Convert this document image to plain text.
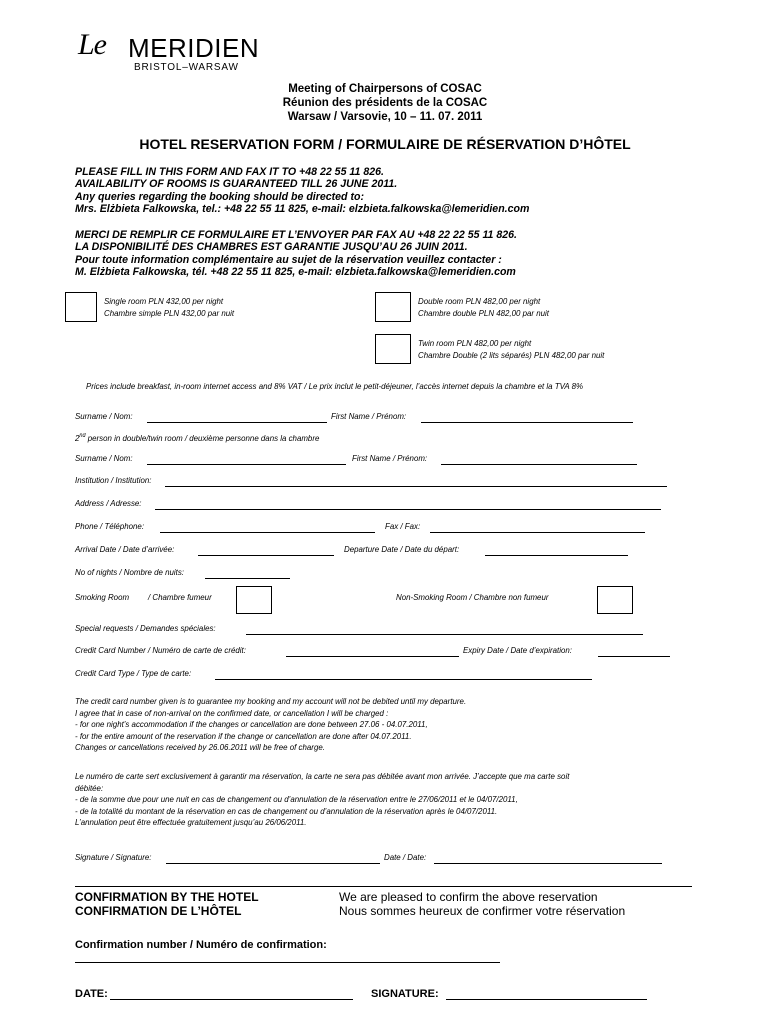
Le MERIDIEN
BRISTOL–WARSAW
Meeting of Chairpersons of COSAC
Réunion des présidents de la COSAC
Warsaw / Varsovie, 10 – 11. 07. 2011
HOTEL RESERVATION FORM / FORMULAIRE DE RÉSERVATION D’HÔTEL
PLEASE FILL IN THIS FORM AND FAX IT TO +48 22 55 11 826.
AVAILABILITY OF ROOMS IS GUARANTEED TILL 26 JUNE 2011.
Any queries regarding the booking should be directed to:
Mrs. Elżbieta Falkowska, tel.: +48 22 55 11 825, e-mail: elzbieta.falkowska@lemeridien.com
MERCI DE REMPLIR CE FORMULAIRE ET L’ENVOYER PAR FAX AU +48 22 22 55 11 826.
LA DISPONIBILITÉ DES CHAMBRES EST GARANTIE JUSQU’AU 26 JUIN 2011.
Pour toute information complémentaire au sujet de la réservation veuillez contacter :
M. Elżbieta Falkowska, tél. +48 22 55 11 825, e-mail: elzbieta.falkowska@lemeridien.com
Single room PLN 432,00 per night
Chambre simple PLN 432,00 par nuit
Double room PLN 482,00 per night
Chambre double PLN 482,00 par nuit
Twin room PLN 482,00 per night
Chambre Double (2 lits séparés) PLN 482,00 par nuit
Prices include breakfast, in-room internet access and 8% VAT / Le prix inclut le petit-déjeuner, l’accès internet depuis la chambre et la TVA 8%
Surname / Nom:	First Name / Prénom:
2nd person in double/twin room / deuxième personne dans la chambre
Surname / Nom:	First Name / Prénom:
Institution / Institution:
Address / Adresse:
Phone / Téléphone:	Fax / Fax:
Arrival Date / Date d’arrivée:	Departure Date / Date du départ:
No of nights / Nombre de nuits:
Smoking Room / Chambre fumeur	Non-Smoking Room / Chambre non fumeur
Special requests / Demandes spéciales:
Credit Card Number / Numéro de carte de crédit:	Expiry Date / Date d’expiration:
Credit Card Type / Type de carte:
The credit card number given is to guarantee my booking and my account will not be debited until my departure.
I agree that in case of non-arrival on the confirmed date, or cancellation I will be charged :
- for one night’s accommodation if the changes or cancellation are done between 27.06 - 04.07.2011,
- for the entire amount of the reservation if the change or cancellation are done after 04.07.2011.
Changes or cancellations received by 26.06.2011 will be free of charge.
Le numéro de carte sert exclusivement à garantir ma réservation, la carte ne sera pas débitée avant mon arrivée. J’accepte que ma carte soit
débitée:
- de la somme due pour une nuit en cas de changement ou d’annulation de la réservation entre le 27/06/2011 et le 04/07/2011,
- de la totalité du montant de la réservation en cas de changement ou d’annulation de la réservation après le 04/07/2011.
L’annulation peut être effectuée gratuitement jusqu’au 26/06/2011.
Signature / Signature:	Date / Date:
CONFIRMATION BY THE HOTEL
CONFIRMATION DE L’HÔTEL
We are pleased to confirm the above reservation
Nous sommes heureux de confirmer votre réservation
Confirmation number / Numéro de confirmation:
DATE:	SIGNATURE:
